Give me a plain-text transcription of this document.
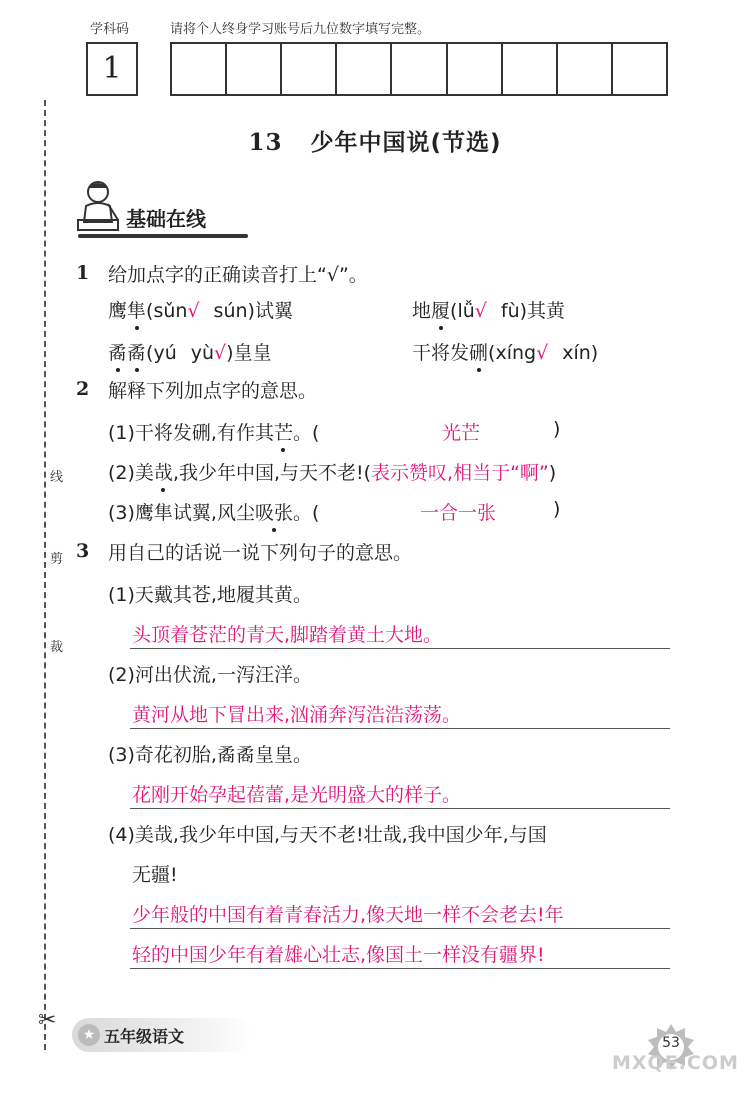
学科码	请将个人终身学习账号后九位数字填写完整。
1
线
剪
裁
13 少年中国说(节选)
基础在线
1 给加点字的正确读音打上“√”。
鹰隼(sǔn√ sún)试翼	地履(lǚ√ fù)其黄
矞矞(yú yù√)皇皇	干将发硎(xíng√ xín)
2 解释下列加点字的意思。
(1)干将发硎,有作其芒。(	光芒	)
(2)美哉,我少年中国,与天不老!(表示赞叹,相当于“啊”)
(3)鹰隼试翼,风尘吸张。(	一合一张	)
3 用自己的话说一说下列句子的意思。
(1)天戴其苍,地履其黄。
头顶着苍茫的青天,脚踏着黄土大地。
(2)河出伏流,一泻汪洋。
黄河从地下冒出来,汹涌奔泻浩浩荡荡。
(3)奇花初胎,矞矞皇皇。
花刚开始孕起蓓蕾,是光明盛大的样子。
(4)美哉,我少年中国,与天不老!壮哉,我中国少年,与国
无疆!
少年般的中国有着青春活力,像天地一样不会老去!年
轻的中国少年有着雄心壮志,像国土一样没有疆界!
✂
★ 五年级语文	53
MXQE.COM
